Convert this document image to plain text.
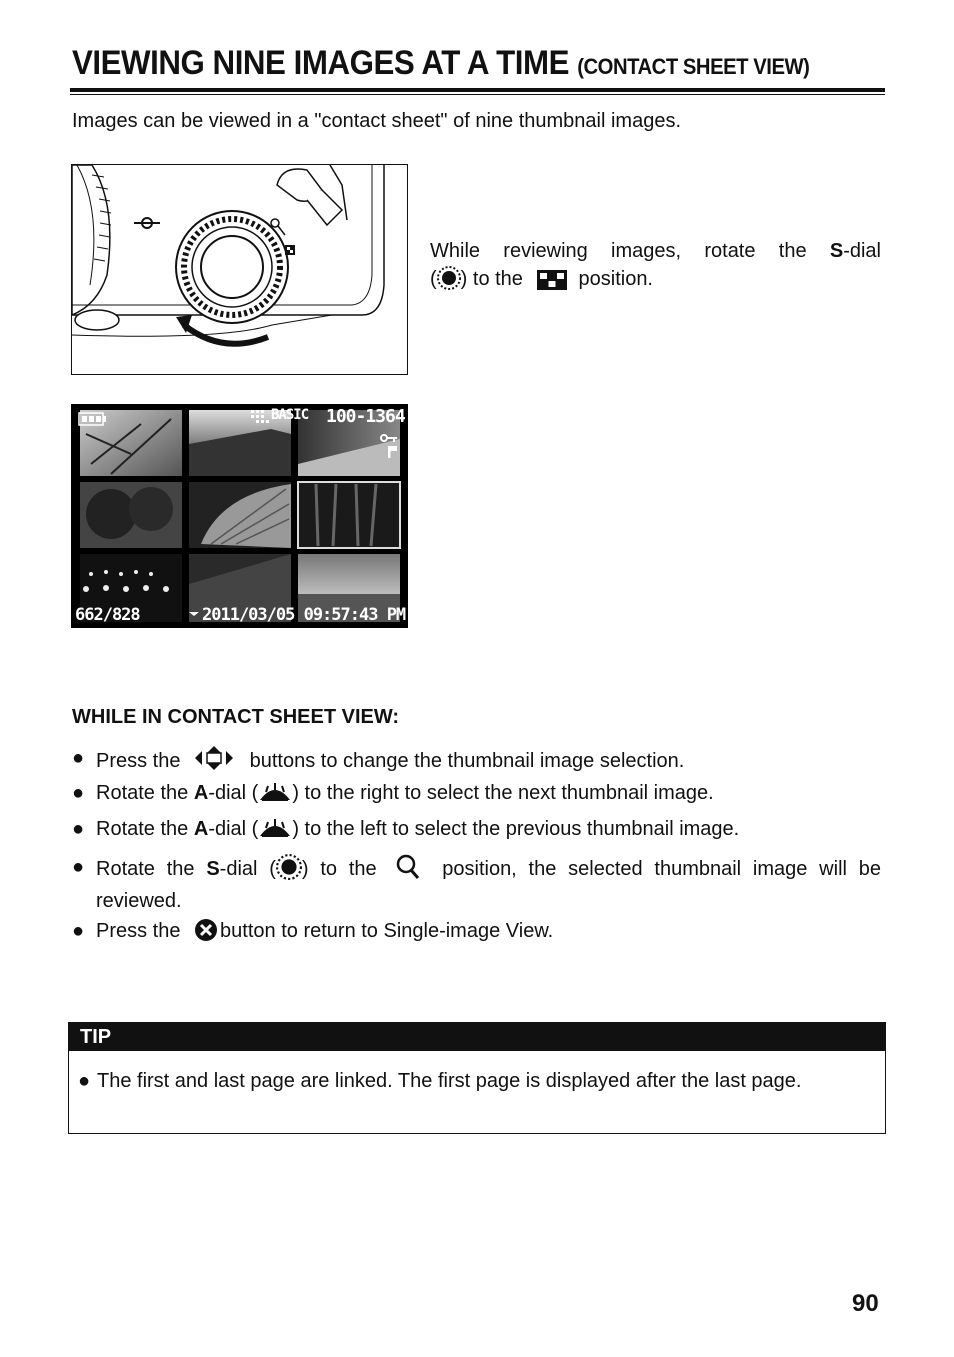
VIEWING NINE IMAGES AT A TIME (CONTACT SHEET VIEW)
Images can be viewed in a "contact sheet" of nine thumbnail images.
While reviewing images, rotate the S-dial
( ) to the	position.
BASIC 100-1364
662/828	2011/03/05 09:57:43 PM
WHILE IN CONTACT SHEET VIEW:
● Press the	buttons to change the thumbnail image selection.
● Rotate the A-dial ( ) to the right to select the next thumbnail image.
● Rotate the A-dial ( ) to the left to select the previous thumbnail image.
● Rotate the S-dial ( ) to the	position, the selected thumbnail image will be reviewed.
● Press the button to return to Single-image View.
TIP
● The first and last page are linked. The first page is displayed after the last page.
90
